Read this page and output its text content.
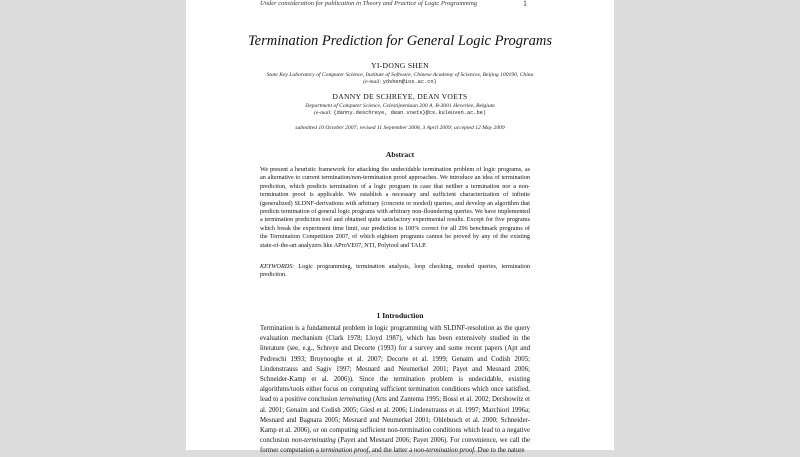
Under consideration for publication in Theory and Practice of Logic Programming	1
Termination Prediction for General Logic Programs
YI-DONG SHEN
State Key Laboratory of Computer Science, Institute of Software, Chinese Academy of Sciences, Beijing 100190, China
(e-mail: ydshen@ios.ac.cn)
DANNY DE SCHREYE, DEAN VOETS
Department of Computer Science, Celestijnenlaan 200 A, B-3001 Heverlee, Belgium
(e-mail: {danny.deschreye, dean.voets}@cs.kuleuven.ac.be)
submitted 10 October 2007; revised 11 September 2008, 3 April 2009; accepted 12 May 2009
Abstract
We present a heuristic framework for attacking the undecidable termination problem of logic programs, as an alternative to current termination/non-termination proof approaches. We introduce an idea of termination prediction, which predicts termination of a logic program in case that neither a termination nor a non-termination proof is applicable. We establish a necessary and sufficient characterization of infinite (generalized) SLDNF-derivations with arbitrary (concrete or moded) queries, and develop an algorithm that predicts termination of general logic programs with arbitrary non-floundering queries. We have implemented a termination prediction tool and obtained quite satisfactory experimental results. Except for five programs which break the experiment time limit, our prediction is 100% correct for all 296 benchmark programs of the Termination Competition 2007, of which eighteen programs cannot be proved by any of the existing state-of-the-art analyzers like AProVE07, NTI, Polytool and TALP.
KEYWORDS: Logic programming, termination analysis, loop checking, moded queries, termination prediction.
1 Introduction
Termination is a fundamental problem in logic programming with SLDNF-resolution as the query evaluation mechanism (Clark 1978; Lloyd 1987), which has been extensively studied in the literature (see, e.g., Schreye and Decorte (1993) for a survey and some recent papers (Apt and Pedreschi 1993; Bruynooghe et al. 2007; Decorte et al. 1999; Genaim and Codish 2005; Lindenstrauss and Sagiv 1997; Mesnard and Neumerkel 2001; Payet and Mesnard 2006; Schneider-Kamp et al. 2006)). Since the termination problem is undecidable, existing algorithms/tools either focus on computing sufficient termination conditions which once satisfied, lead to a positive conclusion terminating (Arts and Zantema 1995; Bossi et al. 2002; Dershowitz et al. 2001; Genaim and Codish 2005; Giesl et al. 2006; Lindenstrauss et al. 1997; Marchiori 1996a; Mesnard and Bagnara 2005; Mesnard and Neumerkel 2001; Ohlebusch et al. 2000; Schneider-Kamp et al. 2006), or on computing sufficient non-termination conditions which lead to a negative conclusion non-terminating (Payet and Mesnard 2006; Payet 2006). For convenience, we call the former computation a termination proof, and the latter a non-termination proof. Due to the nature
